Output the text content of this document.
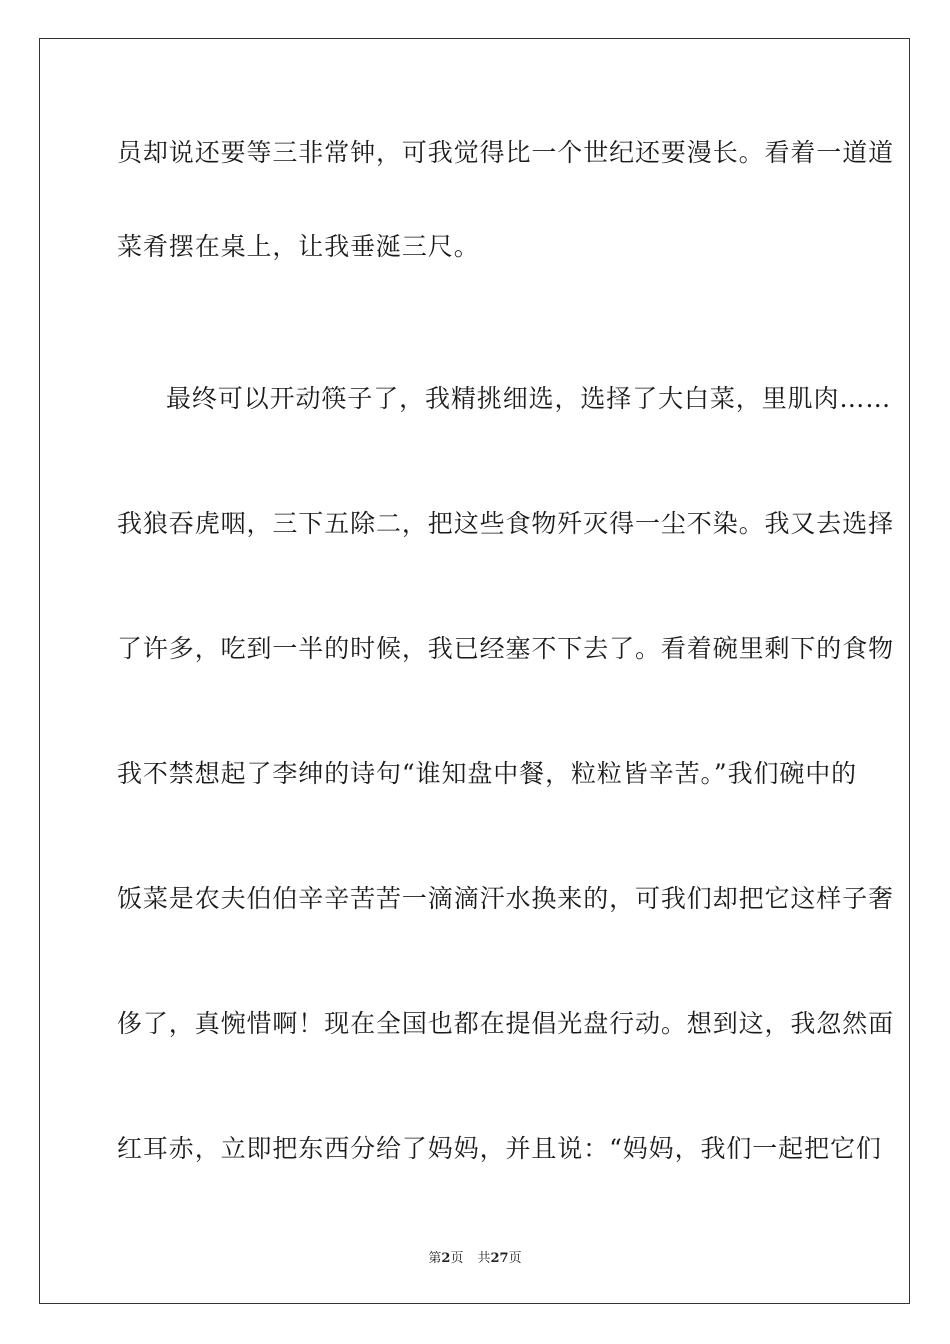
员却说还要等三非常钟，可我觉得比一个世纪还要漫长。看着一道道
菜肴摆在桌上，让我垂涎三尺。
最终可以开动筷子了，我精挑细选，选择了大白菜，里肌肉……
我狼吞虎咽，三下五除二，把这些食物歼灭得一尘不染。我又去选择
了许多，吃到一半的时候，我已经塞不下去了。看着碗里剩下的食物
我不禁想起了李绅的诗句“谁知盘中餐，粒粒皆辛苦。”我们碗中的
饭菜是农夫伯伯辛辛苦苦一滴滴汗水换来的，可我们却把它这样子奢
侈了，真惋惜啊！现在全国也都在提倡光盘行动。想到这，我忽然面
红耳赤，立即把东西分给了妈妈，并且说：“妈妈，我们一起把它们
第2页 共27页
